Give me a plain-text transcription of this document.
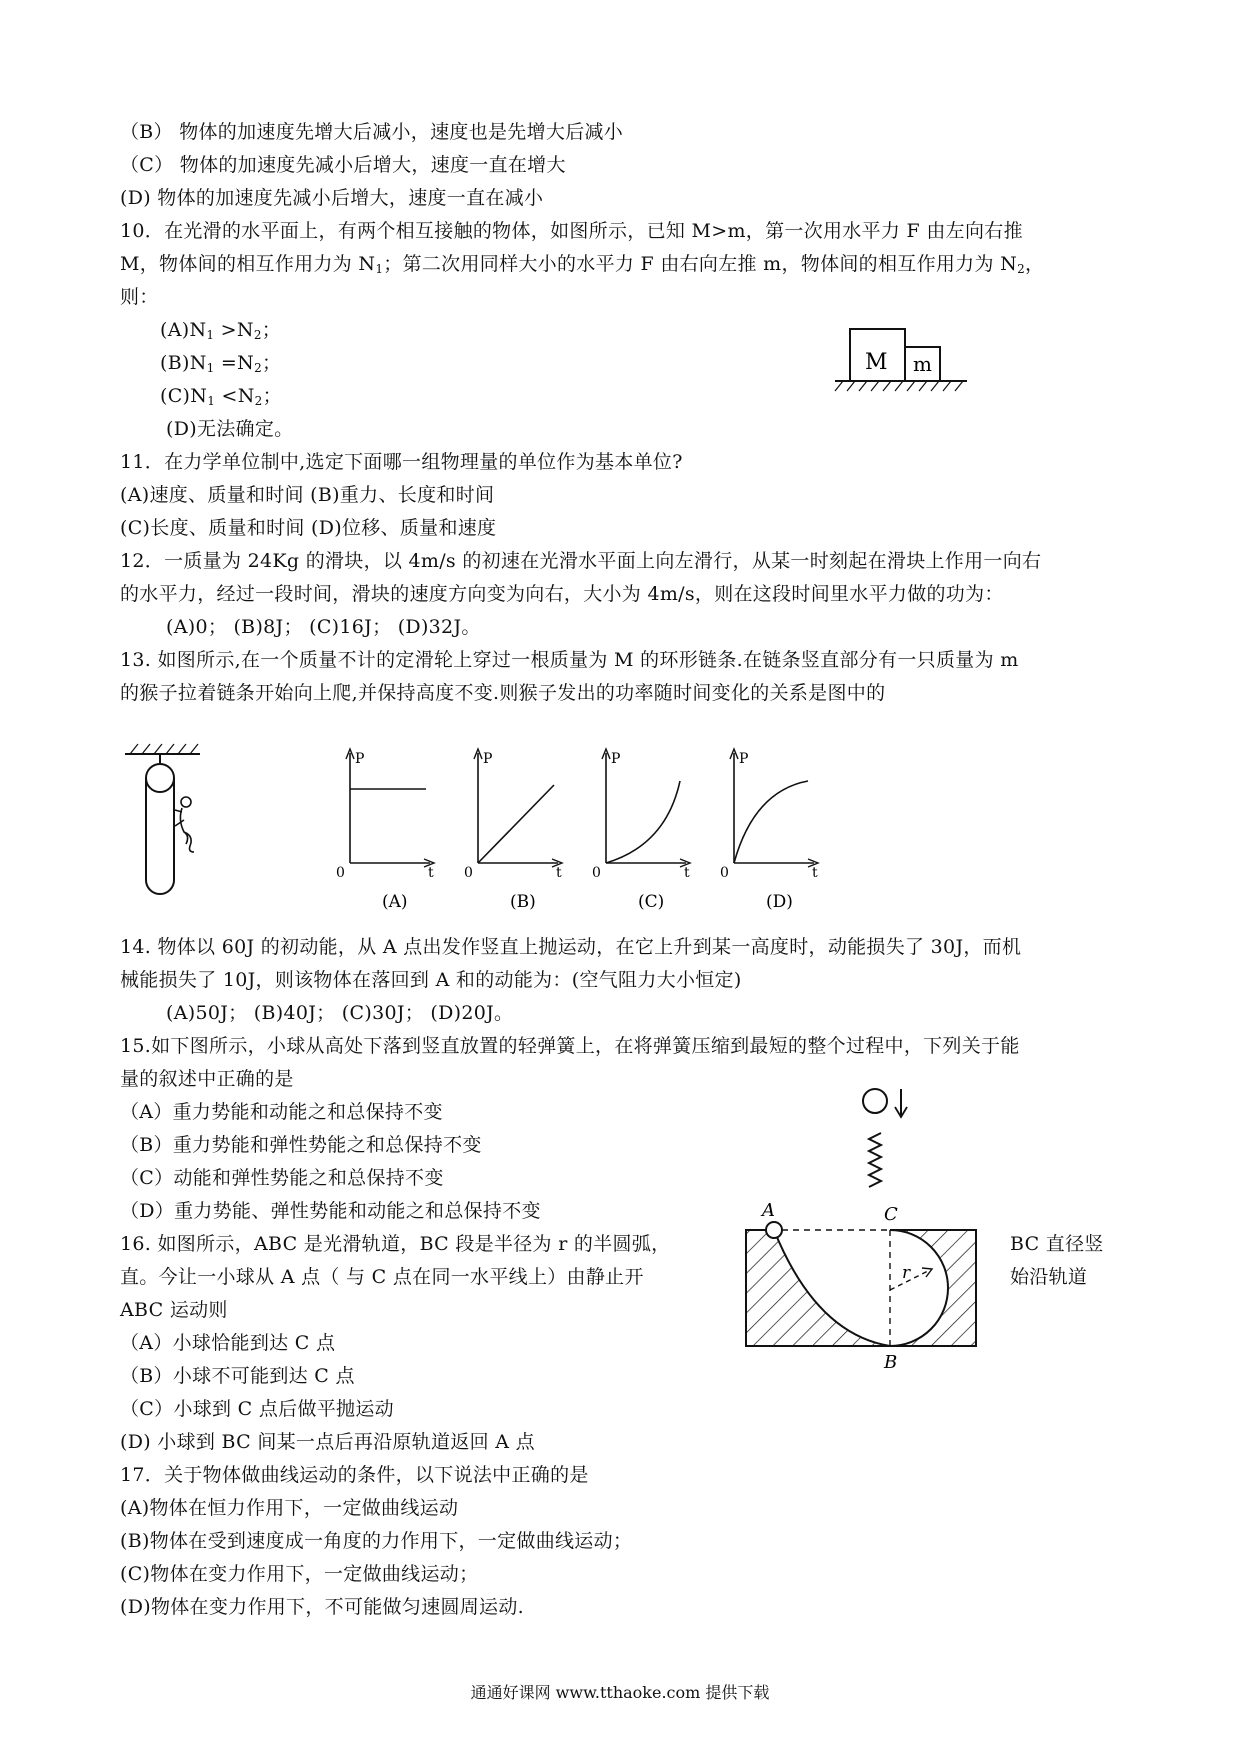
（B） 物体的加速度先增大后减小，速度也是先增大后减小
（C） 物体的加速度先减小后增大，速度一直在增大
(D) 物体的加速度先减小后增大，速度一直在减小
10．在光滑的水平面上，有两个相互接触的物体，如图所示，已知 M>m，第一次用水平力 F 由左向右推
M，物体间的相互作用力为 $N_1$；第二次用同样大小的水平力 F 由右向左推 m，物体间的相互作用力为 $N_2$，
则：
$(A)N_1 >N_2$；
$(B)N_1 =N_2$；
$(C)N_1 <N_2$；
(D)无法确定。
M m
11．在力学单位制中,选定下面哪一组物理量的单位作为基本单位?
(A)速度、质量和时间 (B)重力、长度和时间
(C)长度、质量和时间 (D)位移、质量和速度
12．一质量为 24Kg 的滑块，以 4m/s 的初速在光滑水平面上向左滑行，从某一时刻起在滑块上作用一向右
的水平力，经过一段时间，滑块的速度方向变为向右，大小为 4m/s，则在这段时间里水平力做的功为：
(A)0； (B)8J； (C)16J； (D)32J。
13. 如图所示,在一个质量不计的定滑轮上穿过一根质量为 M 的环形链条.在链条竖直部分有一只质量为 m
的猴子拉着链条开始向上爬,并保持高度不变.则猴子发出的功率随时间变化的关系是图中的
P
t
0
(A)
P
t
0
(B)
P
t
0
(C)
P
t
0
(D)
14. 物体以 60J 的初动能，从 A 点出发作竖直上抛运动，在它上升到某一高度时，动能损失了 30J，而机
械能损失了 10J，则该物体在落回到 A 和的动能为：(空气阻力大小恒定)
(A)50J； (B)40J； (C)30J； (D)20J。
15.如下图所示，小球从高处下落到竖直放置的轻弹簧上，在将弹簧压缩到最短的整个过程中，下列关于能
量的叙述中正确的是
（A）重力势能和动能之和总保持不变
（B）重力势能和弹性势能之和总保持不变
（C）动能和弹性势能之和总保持不变
（D）重力势能、弹性势能和动能之和总保持不变
16. 如图所示，ABC 是光滑轨道，BC 段是半径为 r 的半圆弧，	BC 直径竖
直。今让一小球从 A 点（ 与 C 点在同一水平线上）由静止开	始沿轨道
ABC 运动则
（A）小球恰能到达 C 点
（B）小球不可能到达 C 点
（C）小球到 C 点后做平抛运动
(D) 小球到 BC 间某一点后再沿原轨道返回 A 点
A	C
B
r
17．关于物体做曲线运动的条件，以下说法中正确的是
(A)物体在恒力作用下，一定做曲线运动
(B)物体在受到速度成一角度的力作用下，一定做曲线运动；
(C)物体在变力作用下，一定做曲线运动；
(D)物体在变力作用下，不可能做匀速圆周运动.
通通好课网 www.tthaoke.com 提供下载
